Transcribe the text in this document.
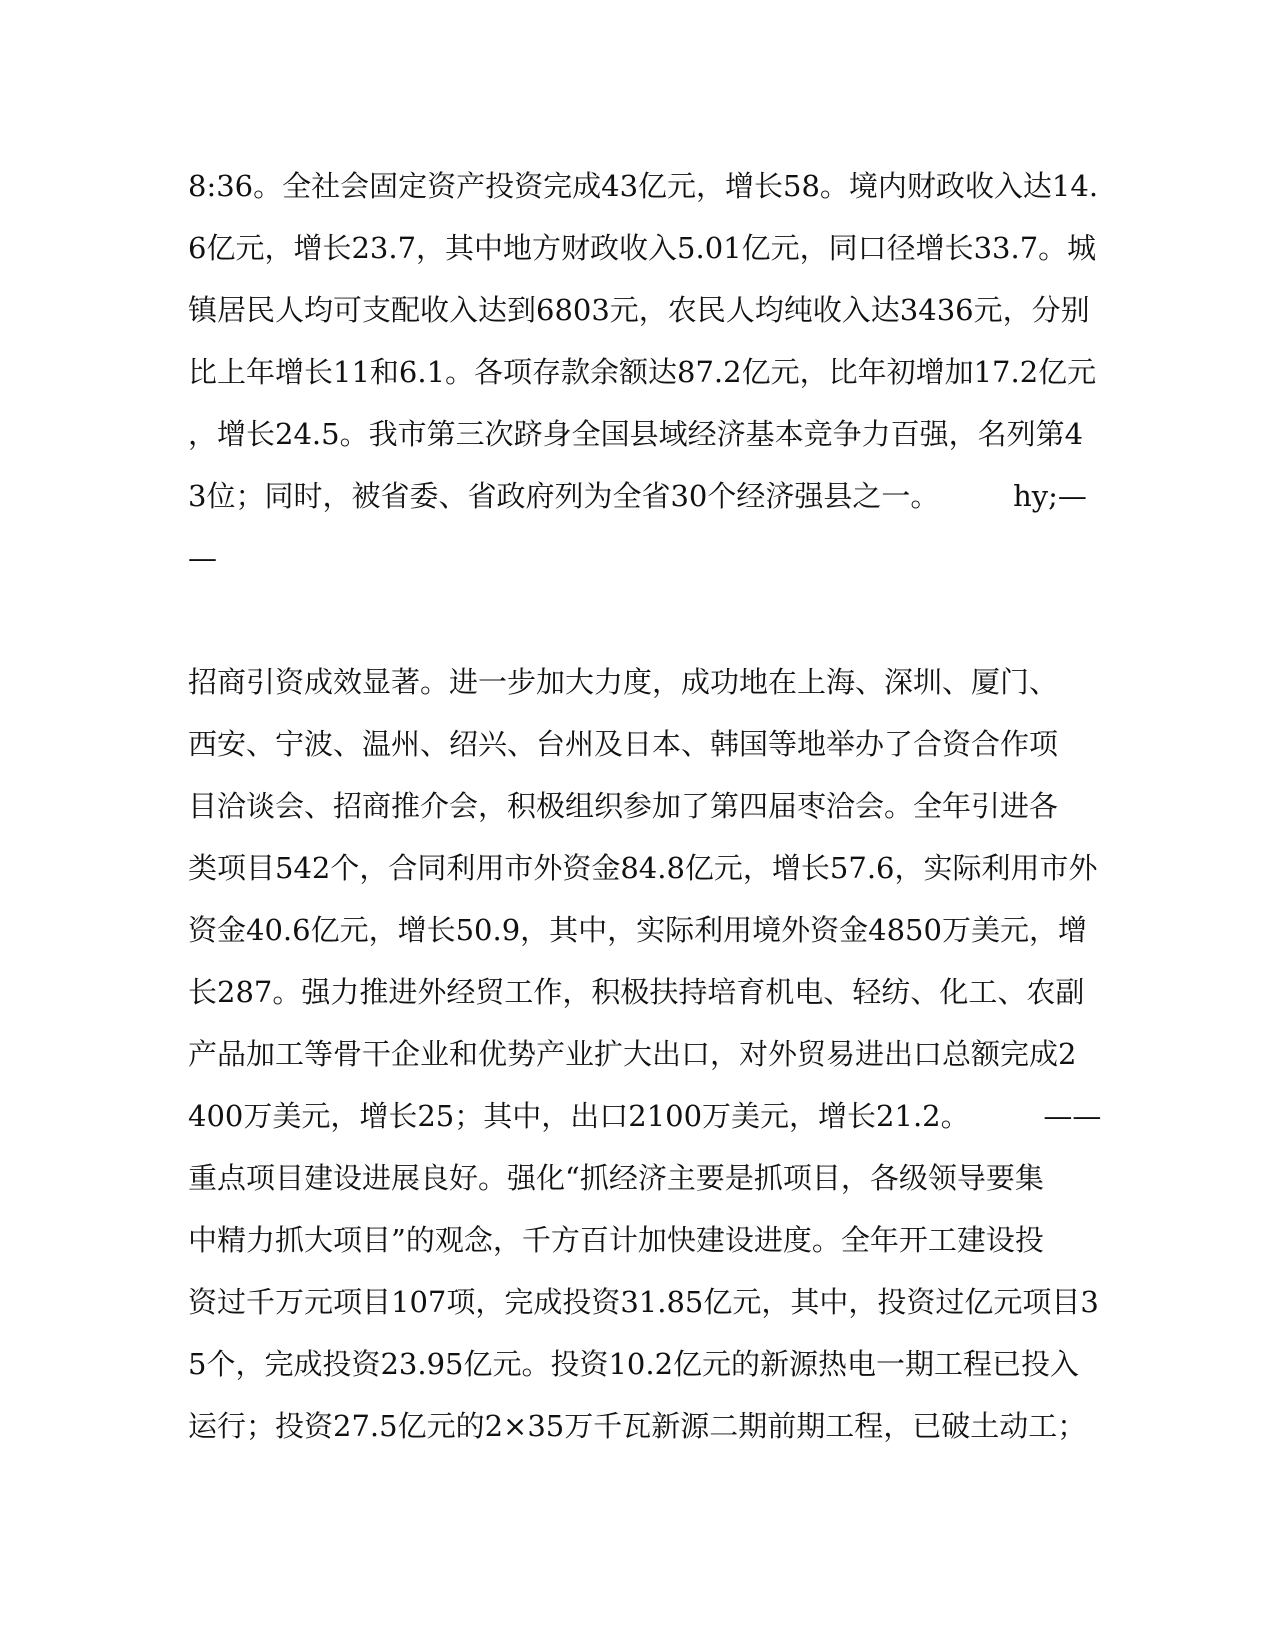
8:36。全社会固定资产投资完成43亿元，增长58。境内财政收入达14.
6亿元，增长23.7，其中地方财政收入5.01亿元，同口径增长33.7。城
镇居民人均可支配收入达到6803元，农民人均纯收入达3436元，分别
比上年增长11和6.1。各项存款余额达87.2亿元，比年初增加17.2亿元
，增长24.5。我市第三次跻身全国县域经济基本竞争力百强，名列第4
3位；同时，被省委、省政府列为全省30个经济强县之一。        hy;—
—
招商引资成效显著。进一步加大力度，成功地在上海、深圳、厦门、
西安、宁波、温州、绍兴、台州及日本、韩国等地举办了合资合作项
目洽谈会、招商推介会，积极组织参加了第四届枣洽会。全年引进各
类项目542个，合同利用市外资金84.8亿元，增长57.6，实际利用市外
资金40.6亿元，增长50.9，其中，实际利用境外资金4850万美元，增
长287。强力推进外经贸工作，积极扶持培育机电、轻纺、化工、农副
产品加工等骨干企业和优势产业扩大出口，对外贸易进出口总额完成2
400万美元，增长25；其中，出口2100万美元，增长21.2。        ——
重点项目建设进展良好。强化“抓经济主要是抓项目，各级领导要集
中精力抓大项目”的观念，千方百计加快建设进度。全年开工建设投
资过千万元项目107项，完成投资31.85亿元，其中，投资过亿元项目3
5个，完成投资23.95亿元。投资10.2亿元的新源热电一期工程已投入
运行；投资27.5亿元的2×35万千瓦新源二期前期工程，已破土动工；
